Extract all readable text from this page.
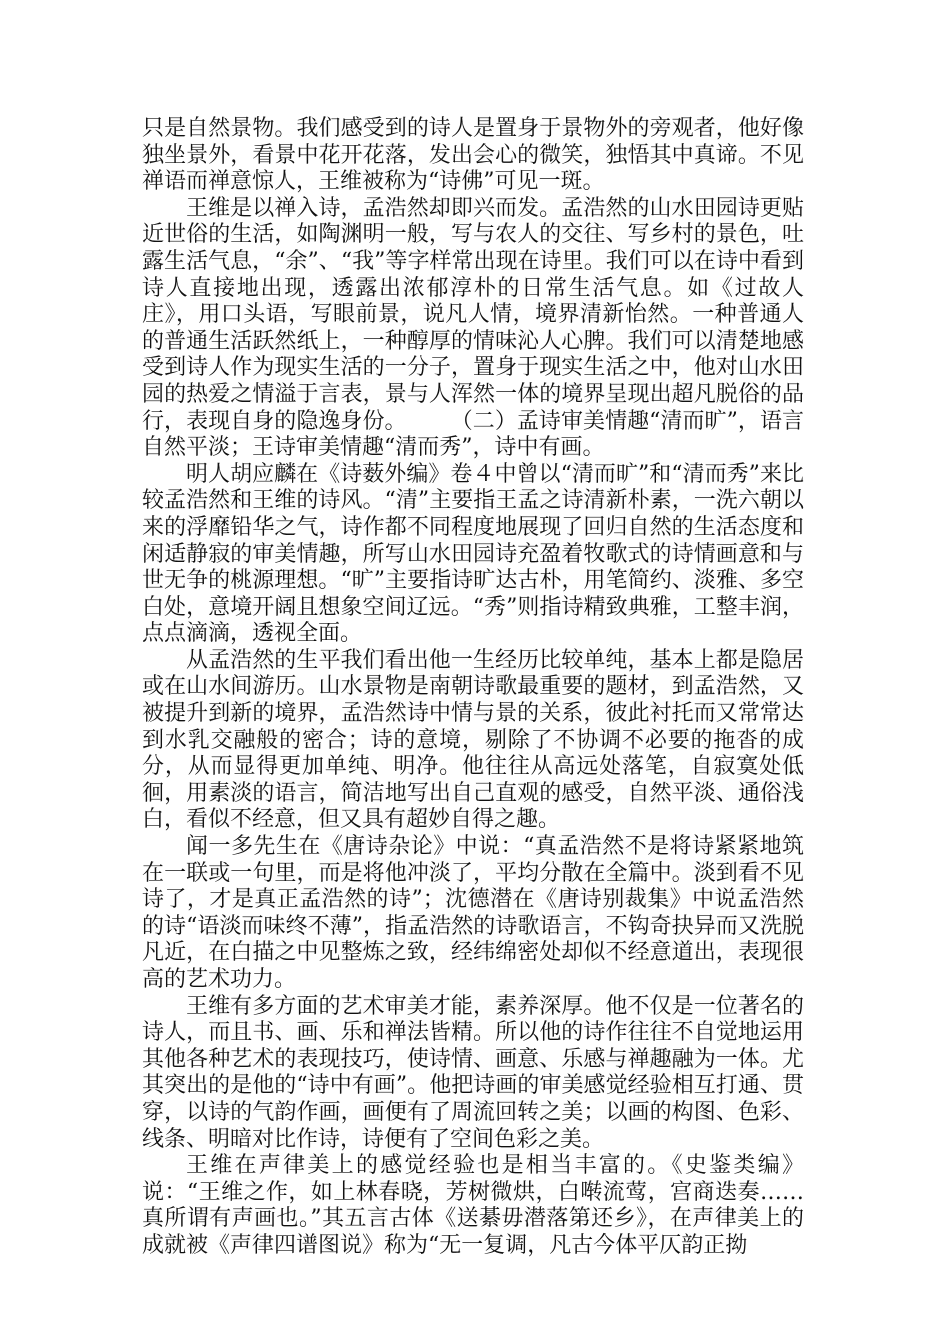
只是自然景物。我们感受到的诗人是置身于景物外的旁观者，他好像独坐景外，看景中花开花落，发出会心的微笑，独悟其中真谛。不见禅语而禅意惊人，王维被称为“诗佛”可见一斑。

王维是以禅入诗，孟浩然却即兴而发。孟浩然的山水田园诗更贴近世俗的生活，如陶渊明一般，写与农人的交往、写乡村的景色，吐露生活气息，“余”、“我”等字样常出现在诗里。我们可以在诗中看到诗人直接地出现，透露出浓郁淳朴的日常生活气息。如《过故人庄》，用口头语，写眼前景，说凡人情，境界清新怡然。一种普通人的普通生活跃然纸上，一种醇厚的情味沁人心脾。我们可以清楚地感受到诗人作为现实生活的一分子，置身于现实生活之中，他对山水田园的热爱之情溢于言表，景与人浑然一体的境界呈现出超凡脱俗的品行，表现自身的隐逸身份。　　　（二）孟诗审美情趣“清而旷”，语言自然平淡；王诗审美情趣“清而秀”，诗中有画。

明人胡应麟在《诗薮外编》卷４中曾以“清而旷”和“清而秀”来比较孟浩然和王维的诗风。“清”主要指王孟之诗清新朴素，一洗六朝以来的浮靡铅华之气，诗作都不同程度地展现了回归自然的生活态度和闲适静寂的审美情趣，所写山水田园诗充盈着牧歌式的诗情画意和与世无争的桃源理想。“旷”主要指诗旷达古朴，用笔简约、淡雅、多空白处，意境开阔且想象空间辽远。“秀”则指诗精致典雅，工整丰润，点点滴滴，透视全面。

从孟浩然的生平我们看出他一生经历比较单纯，基本上都是隐居或在山水间游历。山水景物是南朝诗歌最重要的题材，到孟浩然，又被提升到新的境界，孟浩然诗中情与景的关系，彼此衬托而又常常达到水乳交融般的密合；诗的意境，剔除了不协调不必要的拖沓的成分，从而显得更加单纯、明净。他往往从高远处落笔，自寂寞处低徊，用素淡的语言，简洁地写出自己直观的感受，自然平淡、通俗浅白，看似不经意，但又具有超妙自得之趣。

闻一多先生在《唐诗杂论》中说：“真孟浩然不是将诗紧紧地筑在一联或一句里，而是将他冲淡了，平均分散在全篇中。淡到看不见诗了，才是真正孟浩然的诗”；沈德潜在《唐诗别裁集》中说孟浩然的诗“语淡而味终不薄”，指孟浩然的诗歌语言，不钩奇抉异而又洗脱凡近，在白描之中见整炼之致，经纬绵密处却似不经意道出，表现很高的艺术功力。

王维有多方面的艺术审美才能，素养深厚。他不仅是一位著名的诗人，而且书、画、乐和禅法皆精。所以他的诗作往往不自觉地运用其他各种艺术的表现技巧，使诗情、画意、乐感与禅趣融为一体。尤其突出的是他的“诗中有画”。他把诗画的审美感觉经验相互打通、贯穿，以诗的气韵作画，画便有了周流回转之美；以画的构图、色彩、线条、明暗对比作诗，诗便有了空间色彩之美。

王维在声律美上的感觉经验也是相当丰富的。《史鉴类编》说：“王维之作，如上林春晓，芳树微烘，白啭流莺，宫商迭奏……真所谓有声画也。”其五言古体《送綦毋潜落第还乡》，在声律美上的成就被《声律四谱图说》称为“无一复调，凡古今体平仄韵正拗
